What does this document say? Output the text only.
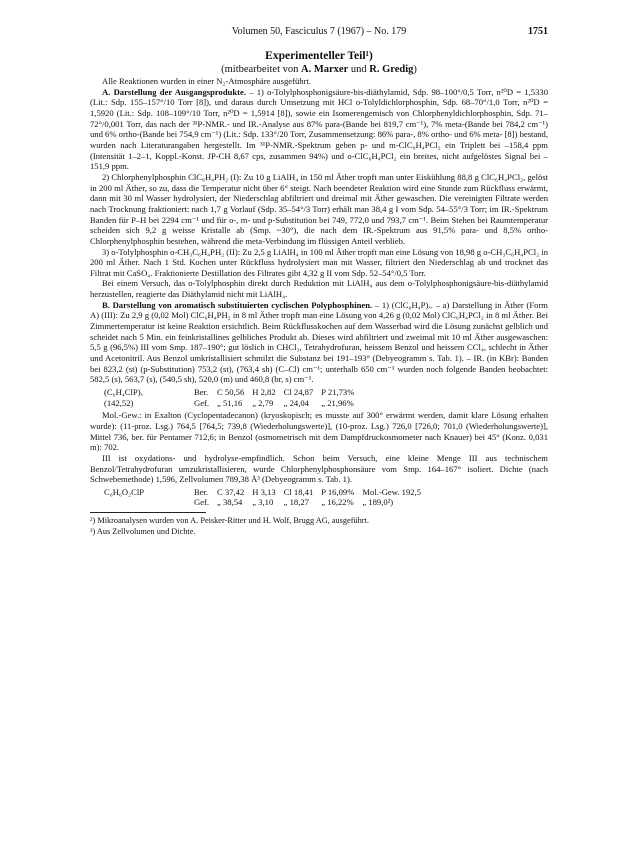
Volumen 50, Fasciculus 7 (1967) – No. 179	1751
Experimenteller Teil¹)
(mitbearbeitet von A. Marxer und R. Gredig)

Alle Reaktionen wurden in einer N₂-Atmosphäre ausgeführt.

A. Darstellung der Ausgangsprodukte. – 1) o-Tolylphosphonigsäure-bis-diäthylamid, Sdp. 98–100°/0,5 Torr, n²⁰D = 1,5330 (Lit.: Sdp. 155–157°/10 Torr [8]), und daraus durch Umsetzung mit HCl o-Tolyldichlorphosphin, Sdp. 68–70°/1,0 Torr, n²⁰D = 1,5920 (Lit.: Sdp. 108–109°/10 Torr, n²⁰D = 1,5914 [8]), sowie ein Isomerengemisch von Chlorphenyldichlorphosphin, Sdp. 71–72°/0,001 Torr, das nach der ³¹P-NMR.- und IR.-Analyse aus 87% para-(Bande bei 819,7 cm⁻¹), 7% meta-(Bande bei 784,2 cm⁻¹) und 6% ortho-(Bande bei 754,9 cm⁻¹) (Lit.: Sdp. 133°/20 Torr, Zusammensetzung: 86% para-, 8% ortho- und 6% meta- [8]) bestand, wurden nach Literaturangaben hergestellt. Im ³¹P-NMR.-Spektrum geben p- und m-ClC₆H₄PCl₂ ein Triplett bei –158,4 ppm (Intensität 1–2–1, Koppl.-Konst. JP-CH 8,67 cps, zusammen 94%) und o-ClC₆H₄PCl₂ ein breites, nicht aufgelöstes Signal bei –151,9 ppm.

2) Chlorphenylphosphin ClC₆H₄PH₂ (I): Zu 10 g LiAlH₄ in 150 ml Äther tropft man unter Eiskühlung 88,8 g ClC₆H₄PCl₂, gelöst in 200 ml Äther, so zu, dass die Temperatur nicht über 6° steigt. Nach beendeter Reaktion wird eine Stunde zum Rückfluss erwärmt, dann mit 30 ml Wasser hydrolysiert, der Niederschlag abfiltriert und dreimal mit Äther gewaschen. Die vereinigten Filtrate werden nach Trocknung fraktioniert: nach 1,7 g Vorlauf (Sdp. 35–54°/3 Torr) erhält man 38,4 g I vom Sdp. 54–55°/3 Torr; im IR.-Spektrum Banden für P–H bei 2294 cm⁻¹ und für o-, m- und p-Substitution bei 749, 772,0 und 793,7 cm⁻¹. Beim Stehen bei Raumtemperatur scheiden sich 9,2 g weisse Kristalle ab (Smp. ~30°), die nach dem IR.-Spektrum aus 91,5% para- und 8,5% ortho-Chlorphenylphosphin bestehen, während die meta-Verbindung im flüssigen Anteil verblieb.

3) o-Tolylphosphin o-CH₃C₆H₄PH₂ (II): Zu 2,5 g LiAlH₄ in 100 ml Äther tropft man eine Lösung von 18,98 g o-CH₃C₆H₄PCl₂ in 200 ml Äther. Nach 1 Std. Kochen unter Rückfluss hydrolysiert man mit Wasser, filtriert den Niederschlag ab und trocknet das Filtrat mit CaSO₄. Fraktionierte Destillation des Filtrates gibt 4,32 g II vom Sdp. 52–54°/0,5 Torr.

Bei einem Versuch, das o-Tolylphosphin direkt durch Reduktion mit LiAlH₄ aus dem o-Tolylphosphonigsäure-bis-diäthylamid herzustellen, reagierte das Diäthylamid nicht mit LiAlH₄.

B. Darstellung von aromatisch substituierten cyclischen Polyphosphinen. – 1) (ClC₆H₄P)ₓ. – a) Darstellung in Äther (Form A) (III): Zu 2,9 g (0,02 Mol) ClC₆H₄PH₂ in 8 ml Äther tropft man eine Lösung von 4,26 g (0,02 Mol) ClC₆H₄PCl₂ in 8 ml Äther. Bei Zimmertemperatur ist keine Reaktion ersichtlich. Beim Rückflusskochen auf dem Wasserbad wird die Lösung zunächst gelblich und scheidet nach 5 Min. ein feinkristallines gelbliches Produkt ab. Dieses wird abfiltriert und zweimal mit 10 ml Äther ausgewaschen: 5,5 g (96,5%) III vom Smp. 187–190°; gut löslich in CHCl₃, Tetrahydrofuran, heissem Benzol und heissem CCl₄, schlecht in Äther und Acetonitril. Aus Benzol umkristallisiert schmilzt die Substanz bei 191–193° (Debyeogramm s. Tab. 1). – IR. (in KBr): Banden bei 823,2 (st) (p-Substitution) 753,2 (st), (763,4 sh) (C–Cl) cm⁻¹; unterhalb 650 cm⁻¹ wurden noch folgende Banden beobachtet: 582,5 (s), 563,7 (s), (540,5 sh), 520,0 (m) und 460,8 (br, s) cm⁻¹.

(C₆H₄ClP)ₓ	Ber.	C 50,56	H 2,82	Cl 24,87	P 21,73%
(142,52)	Gef.	„ 51,16	„ 2,79	„ 24,04	„ 21,96%

Mol.-Gew.: in Exalton (Cyclopentadecanon) (kryoskopisch; es musste auf 300° erwärmt werden, damit klare Lösung erhalten wurde): (11-proz. Lsg.) 764,5 [764,5; 739,8 (Wiederholungswerte)], (10-proz. Lsg.) 726,0 [726,0; 701,0 (Wiederholungswerte)], Mittel 736, ber. für Pentamer 712,6; in Benzol (osmometrisch mit dem Dampfdruckosmometer nach Knauer) bei 45° (Konz. 0,031 m): 702.

III ist oxydations- und hydrolyse-empfindlich. Schon beim Versuch, eine kleine Menge III aus technischem Benzol/Tetrahydrofuran umzukristallisieren, wurde Chlorphenylphosphonsäure vom Smp. 164–167° isoliert. Dichte (nach Schwebemethode) 1,596, Zellvolumen 789,38 Å³ (Debyeogramm s. Tab. 1).

C₆H₆O₂ClP	Ber.	C 37,42	H 3,13	Cl 18,41	P 16,09%	Mol.-Gew. 192,5
	Gef.	„ 38,54	„ 3,10	„ 18,27	„ 16,22%	„ 189,0²)
²) Mikroanalysen wurden von A. Peisker-Ritter und H. Wolf, Brugg AG, ausgeführt.
³) Aus Zellvolumen und Dichte.
